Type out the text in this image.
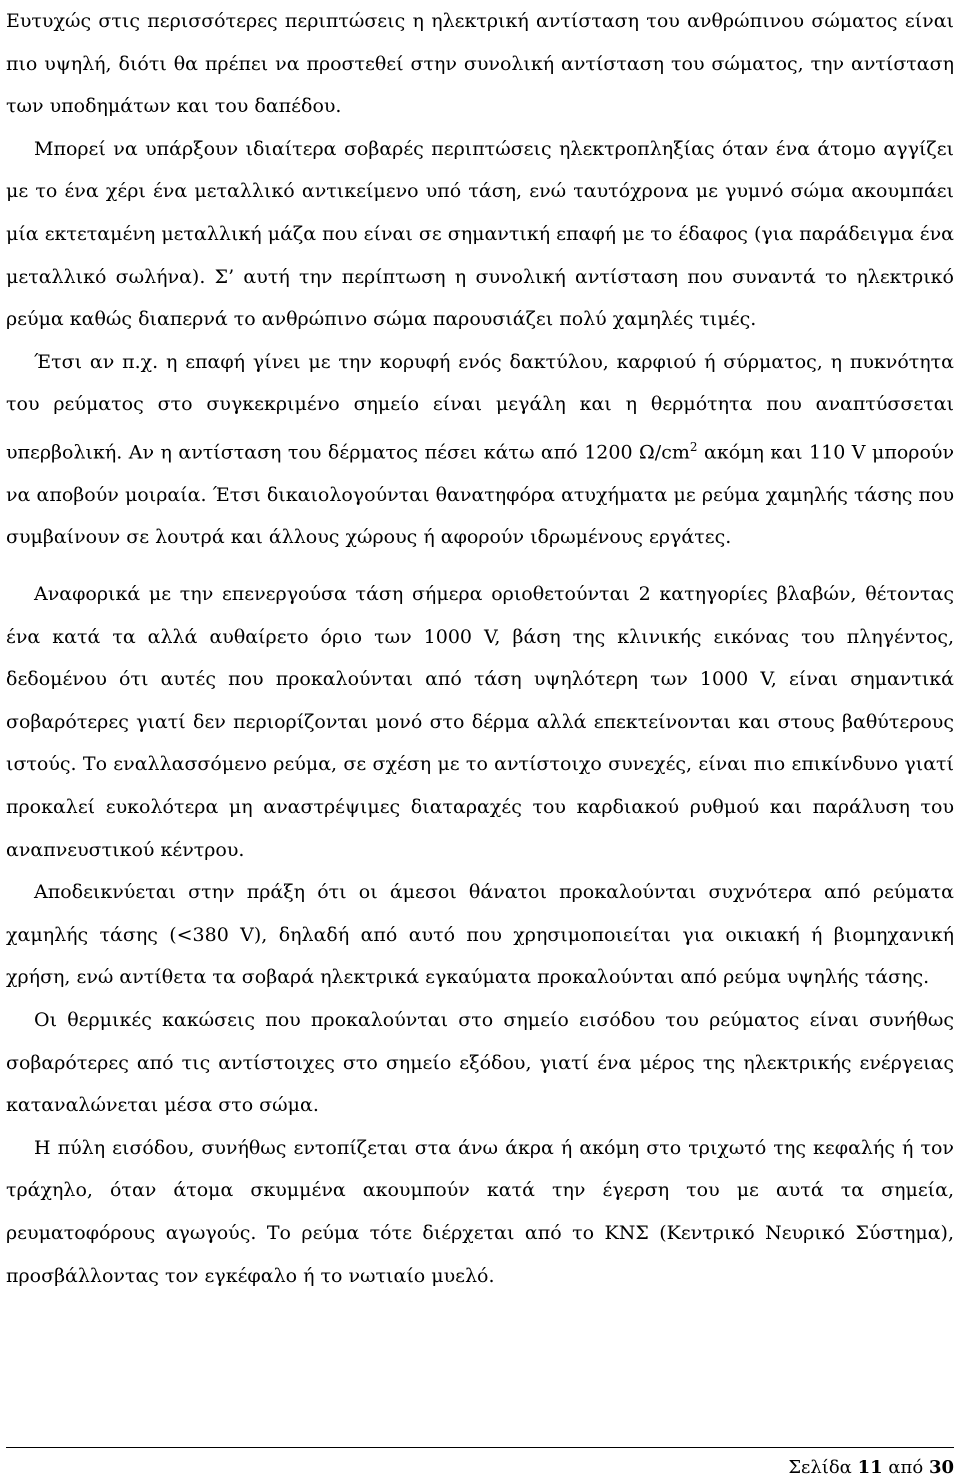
Ευτυχώς στις περισσότερες περιπτώσεις η ηλεκτρική αντίσταση του ανθρώπινου σώματος είναι πιο υψηλή, διότι θα πρέπει να προστεθεί στην συνολική αντίσταση του σώματος, την αντίσταση των υποδημάτων και του δαπέδου.

Μπορεί να υπάρξουν ιδιαίτερα σοβαρές περιπτώσεις ηλεκτροπληξίας όταν ένα άτομο αγγίζει με το ένα χέρι ένα μεταλλικό αντικείμενο υπό τάση, ενώ ταυτόχρονα με γυμνό σώμα ακουμπάει μία εκτεταμένη μεταλλική μάζα που είναι σε σημαντική επαφή με το έδαφος (για παράδειγμα ένα μεταλλικό σωλήνα). Σ’ αυτή την περίπτωση η συνολική αντίσταση που συναντά το ηλεκτρικό ρεύμα καθώς διαπερνά το ανθρώπινο σώμα παρουσιάζει πολύ χαμηλές τιμές.

Έτσι αν π.χ. η επαφή γίνει με την κορυφή ενός δακτύλου, καρφιού ή σύρματος, η πυκνότητα του ρεύματος στο συγκεκριμένο σημείο είναι μεγάλη και η θερμότητα που αναπτύσσεται υπερβολική. Αν η αντίσταση του δέρματος πέσει κάτω από 1200 $\Omega/cm^2$ ακόμη και 110 V μπορούν να αποβούν μοιραία. Έτσι δικαιολογούνται θανατηφόρα ατυχήματα με ρεύμα χαμηλής τάσης που συμβαίνουν σε λουτρά και άλλους χώρους ή αφορούν ιδρωμένους εργάτες.

Αναφορικά με την επενεργούσα τάση σήμερα οριοθετούνται 2 κατηγορίες βλαβών, θέτοντας ένα κατά τα αλλά αυθαίρετο όριο των 1000 V, βάση της κλινικής εικόνας του πληγέντος, δεδομένου ότι αυτές που προκαλούνται από τάση υψηλότερη των 1000 V, είναι σημαντικά σοβαρότερες γιατί δεν περιορίζονται μονό στο δέρμα αλλά επεκτείνονται και στους βαθύτερους ιστούς. Το εναλλασσόμενο ρεύμα, σε σχέση με το αντίστοιχο συνεχές, είναι πιο επικίνδυνο γιατί προκαλεί ευκολότερα μη αναστρέψιμες διαταραχές του καρδιακού ρυθμού και παράλυση του αναπνευστικού κέντρου.

Αποδεικνύεται στην πράξη ότι οι άμεσοι θάνατοι προκαλούνται συχνότερα από ρεύματα χαμηλής τάσης (<380 V), δηλαδή από αυτό που χρησιμοποιείται για οικιακή ή βιομηχανική χρήση, ενώ αντίθετα τα σοβαρά ηλεκτρικά εγκαύματα προκαλούνται από ρεύμα υψηλής τάσης.

Οι θερμικές κακώσεις που προκαλούνται στο σημείο εισόδου του ρεύματος είναι συνήθως σοβαρότερες από τις αντίστοιχες στο σημείο εξόδου, γιατί ένα μέρος της ηλεκτρικής ενέργειας καταναλώνεται μέσα στο σώμα.

Η πύλη εισόδου, συνήθως εντοπίζεται στα άνω άκρα ή ακόμη στο τριχωτό της κεφαλής ή τον τράχηλο, όταν άτομα σκυμμένα ακουμπούν κατά την έγερση του με αυτά τα σημεία, ρευματοφόρους αγωγούς. Το ρεύμα τότε διέρχεται από το ΚΝΣ (Κεντρικό Νευρικό Σύστημα), προσβάλλοντας τον εγκέφαλο ή το νωτιαίο μυελό.

Σελίδα 11 από 30
